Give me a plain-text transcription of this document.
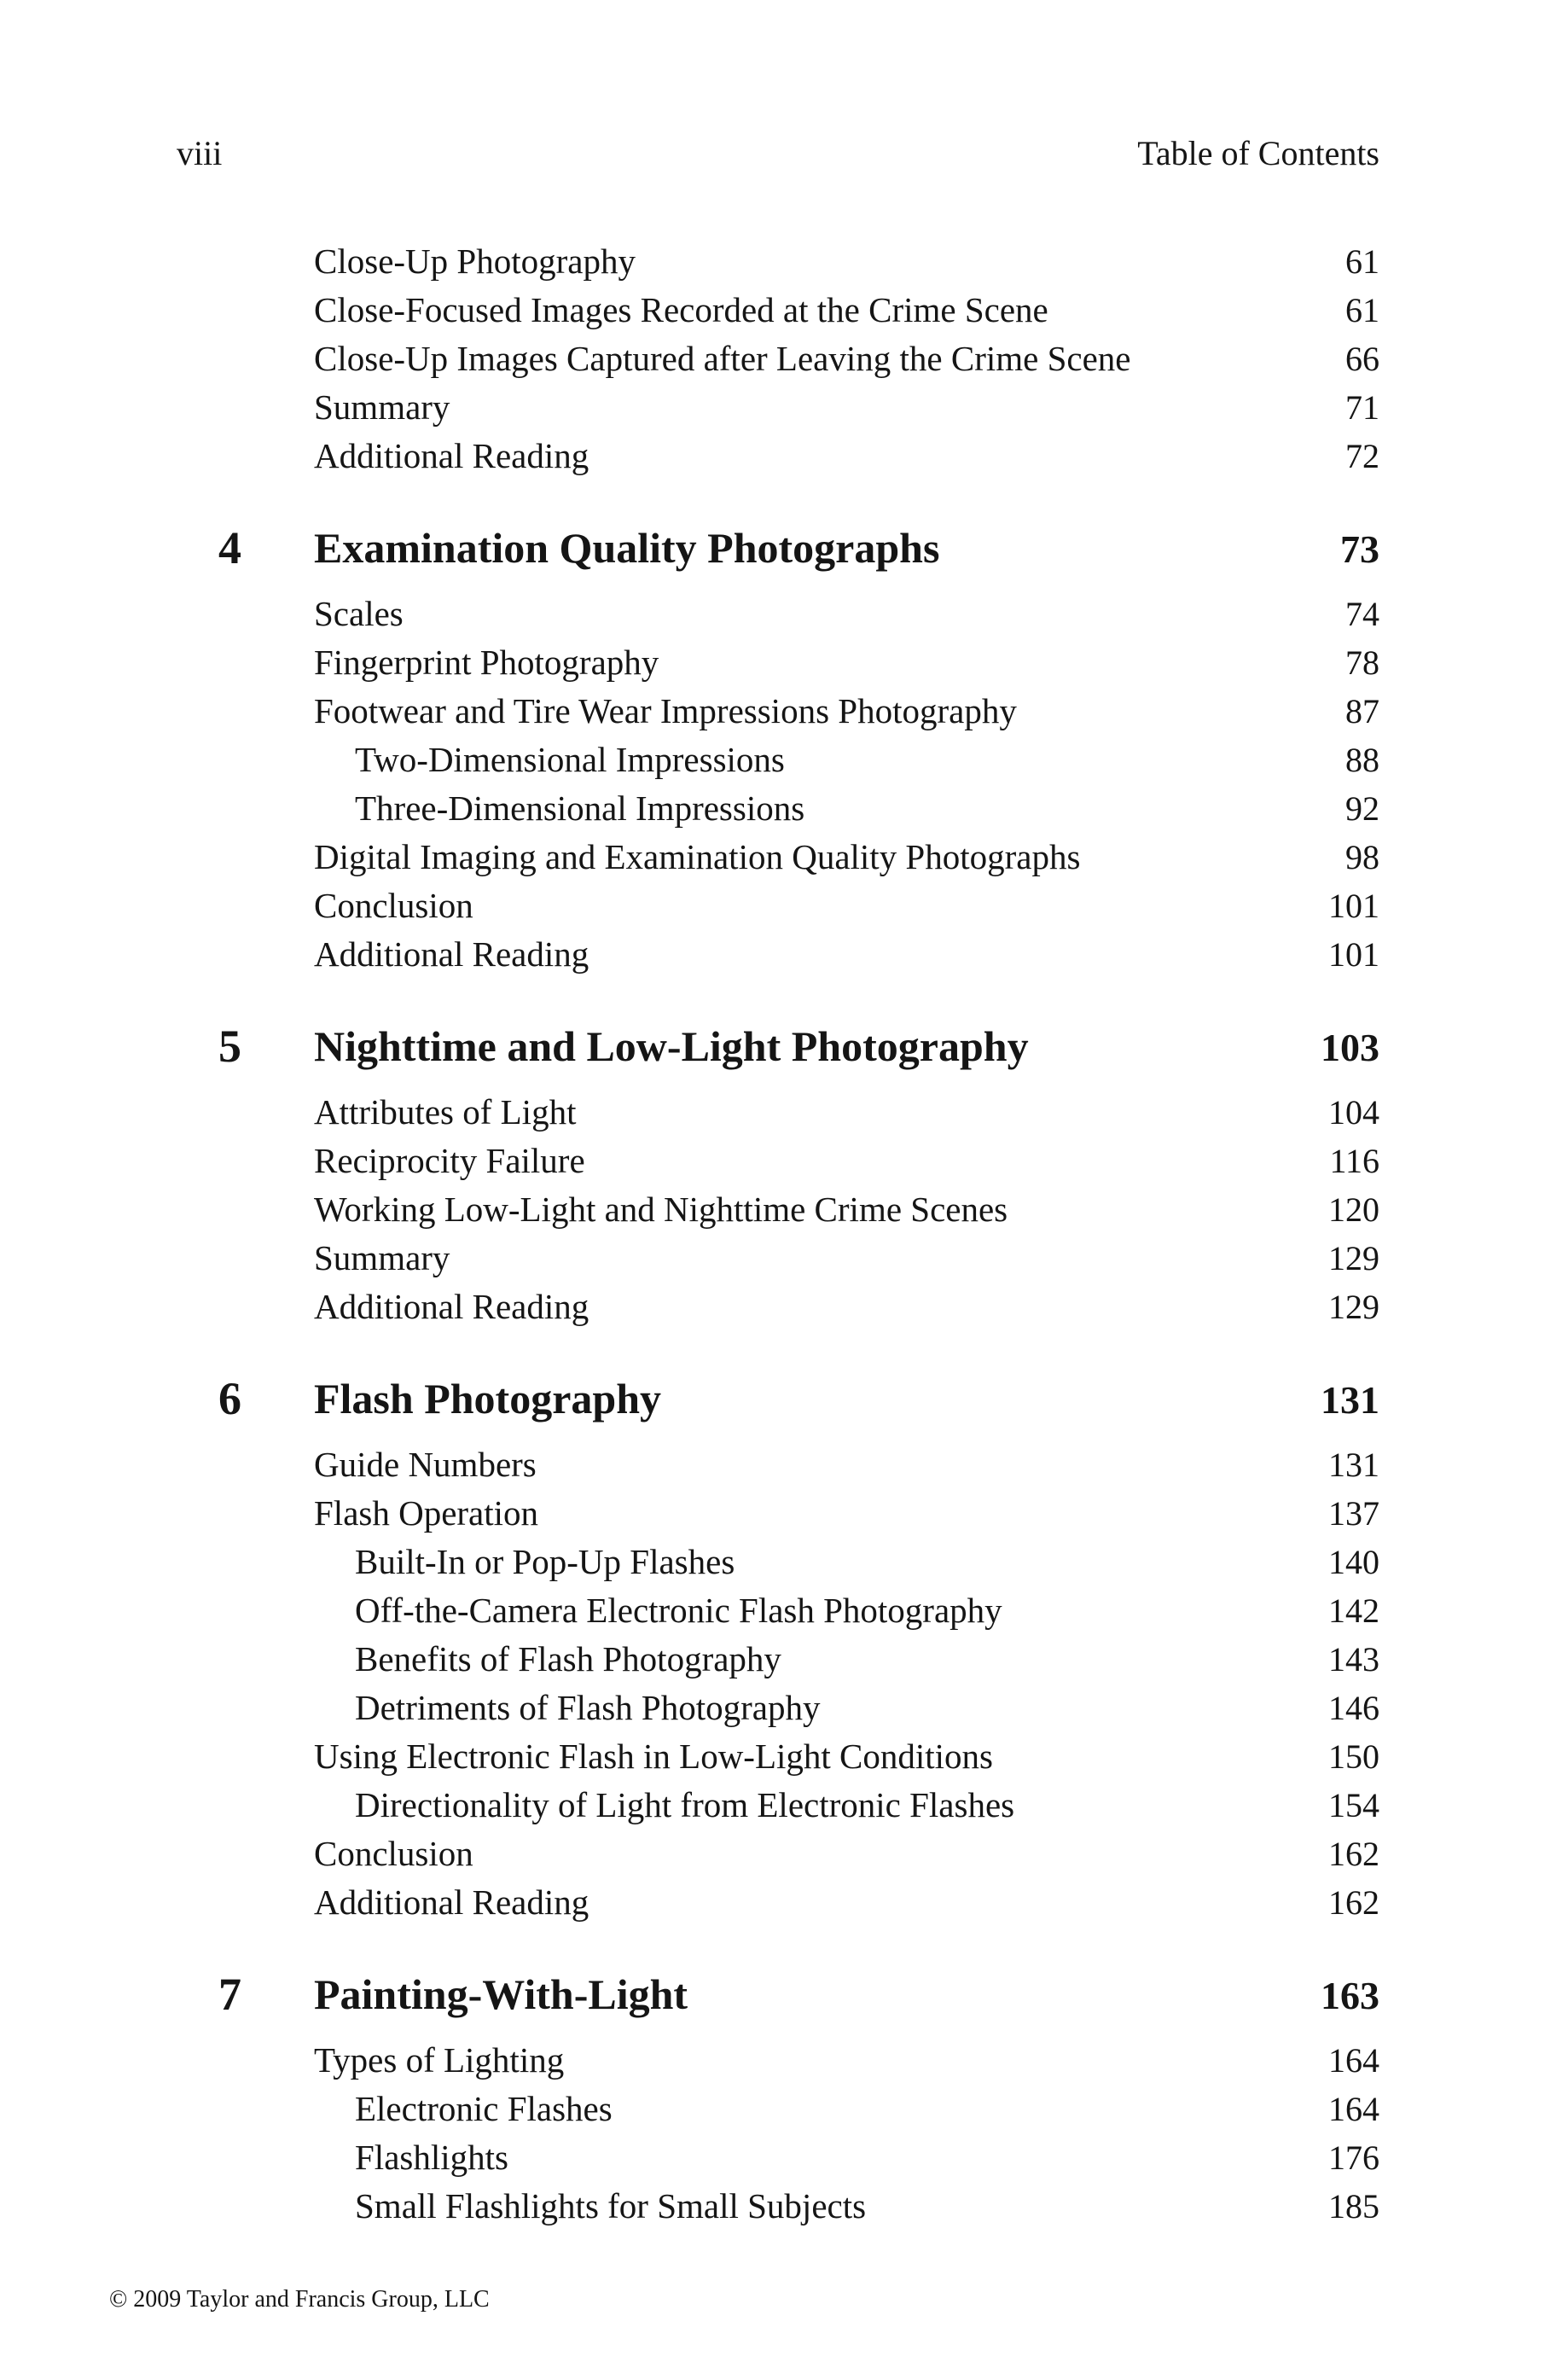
viii	Table of Contents
Close-Up Photography	61
Close-Focused Images Recorded at the Crime Scene	61
Close-Up Images Captured after Leaving the Crime Scene	66
Summary	71
Additional Reading	72
4 Examination Quality Photographs	73
Scales	74
Fingerprint Photography	78
Footwear and Tire Wear Impressions Photography	87
Two-Dimensional Impressions	88
Three-Dimensional Impressions	92
Digital Imaging and Examination Quality Photographs	98
Conclusion	101
Additional Reading	101
5 Nighttime and Low-Light Photography	103
Attributes of Light	104
Reciprocity Failure	116
Working Low-Light and Nighttime Crime Scenes	120
Summary	129
Additional Reading	129
6 Flash Photography	131
Guide Numbers	131
Flash Operation	137
Built-In or Pop-Up Flashes	140
Off-the-Camera Electronic Flash Photography	142
Benefits of Flash Photography	143
Detriments of Flash Photography	146
Using Electronic Flash in Low-Light Conditions	150
Directionality of Light from Electronic Flashes	154
Conclusion	162
Additional Reading	162
7 Painting-With-Light	163
Types of Lighting	164
Electronic Flashes	164
Flashlights	176
Small Flashlights for Small Subjects	185
© 2009 Taylor and Francis Group, LLC
